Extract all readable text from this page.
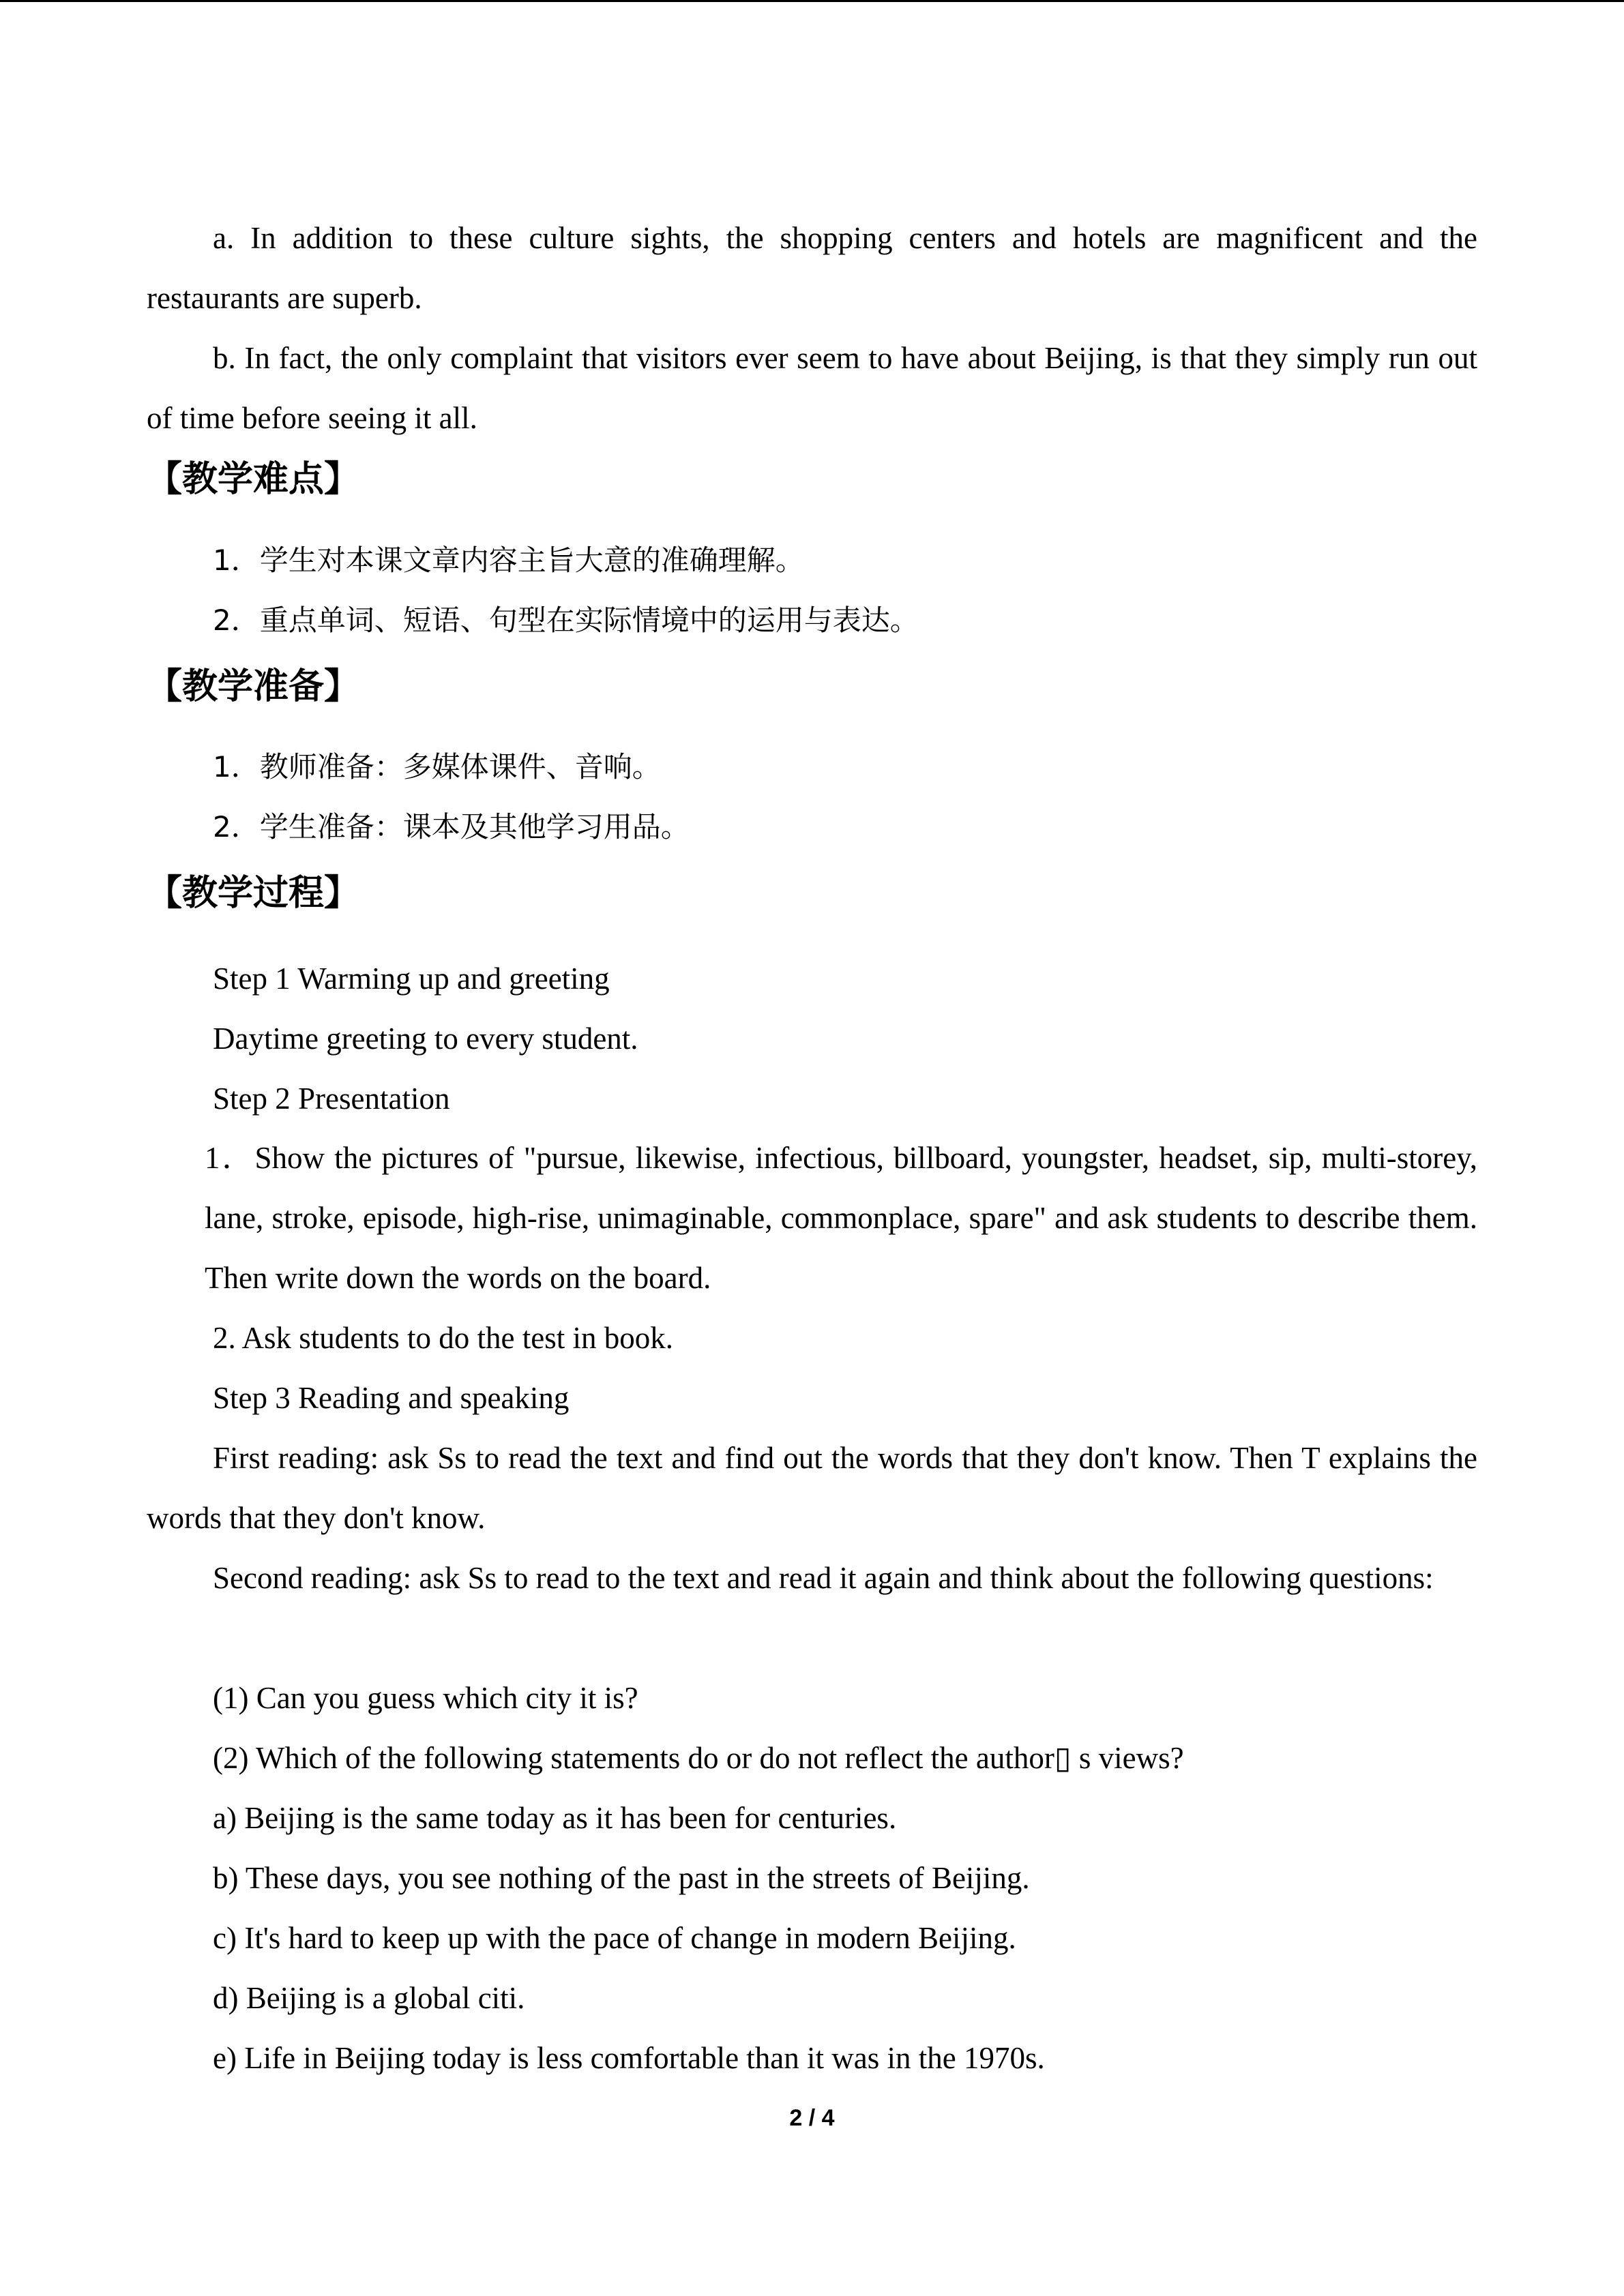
a. In addition to these culture sights, the shopping centers and hotels are magnificent and the restaurants are superb.

b. In fact, the only complaint that visitors ever seem to have about Beijing, is that they simply run out of time before seeing it all.

【教学难点】

1．学生对本课文章内容主旨大意的准确理解。

2．重点单词、短语、句型在实际情境中的运用与表达。

【教学准备】

1．教师准备：多媒体课件、音响。

2．学生准备：课本及其他学习用品。

【教学过程】

Step 1 Warming up and greeting

Daytime greeting to every student.

Step 2 Presentation

1．Show the pictures of "pursue, likewise, infectious, billboard, youngster, headset, sip, multi-storey, lane, stroke, episode, high-rise, unimaginable, commonplace, spare" and ask students to describe them. Then write down the words on the board.

2. Ask students to do the test in book.

Step 3 Reading and speaking

First reading: ask Ss to read the text and find out the words that they don't know. Then T explains the words that they don't know.

Second reading: ask Ss to read to the text and read it again and think about the following questions:

(1) Can you guess which city it is?

(2) Which of the following statements do or do not reflect the author▯ s views?

a) Beijing is the same today as it has been for centuries.

b) These days, you see nothing of the past in the streets of Beijing.

c) It's hard to keep up with the pace of change in modern Beijing.

d) Beijing is a global citi.

e) Life in Beijing today is less comfortable than it was in the 1970s.

2 / 4
